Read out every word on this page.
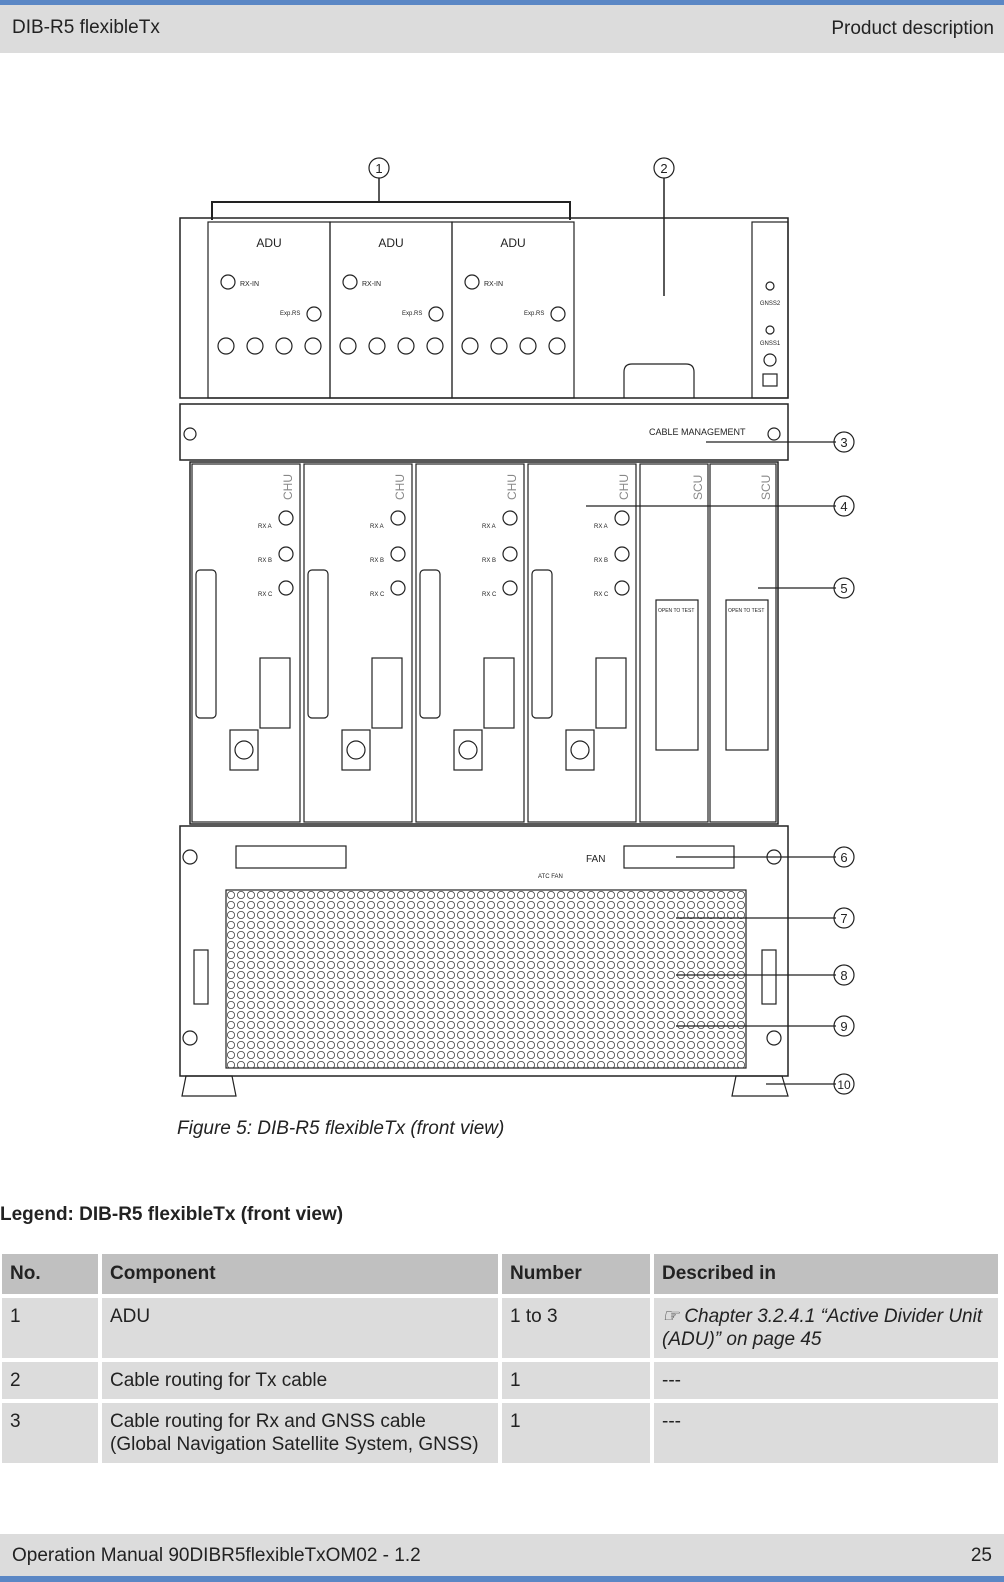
DIB-R5 flexibleTx	Product description
1	2
ADU
RX-IN
Exp.RS
ADU
RX-IN
Exp.RS
ADU
RX-IN
Exp.RS
GNSS2
GNSS1
CABLE MANAGEMENT
3
CHU
RX A
RX B
RX C
CHU
RX A
RX B
RX C
CHU
RX A
RX B
RX C
CHU
RX A
RX B
RX C
SCU
OPEN TO TEST
SCU
OPEN TO TEST
4
5
FAN
ATC FAN
6
7
8
9
10
Figure 5: DIB-R5 flexibleTx (front view)
Legend: DIB-R5 flexibleTx (front view)
No.	Component	Number	Described in
1	ADU	1 to 3	☞ Chapter 3.2.4.1 “Active Divider Unit (ADU)” on page 45
2	Cable routing for Tx cable	1	---
3	Cable routing for Rx and GNSS cable (Global Navigation Satellite System, GNSS)	1	---
Operation Manual 90DIBR5flexibleTxOM02 - 1.2	25
